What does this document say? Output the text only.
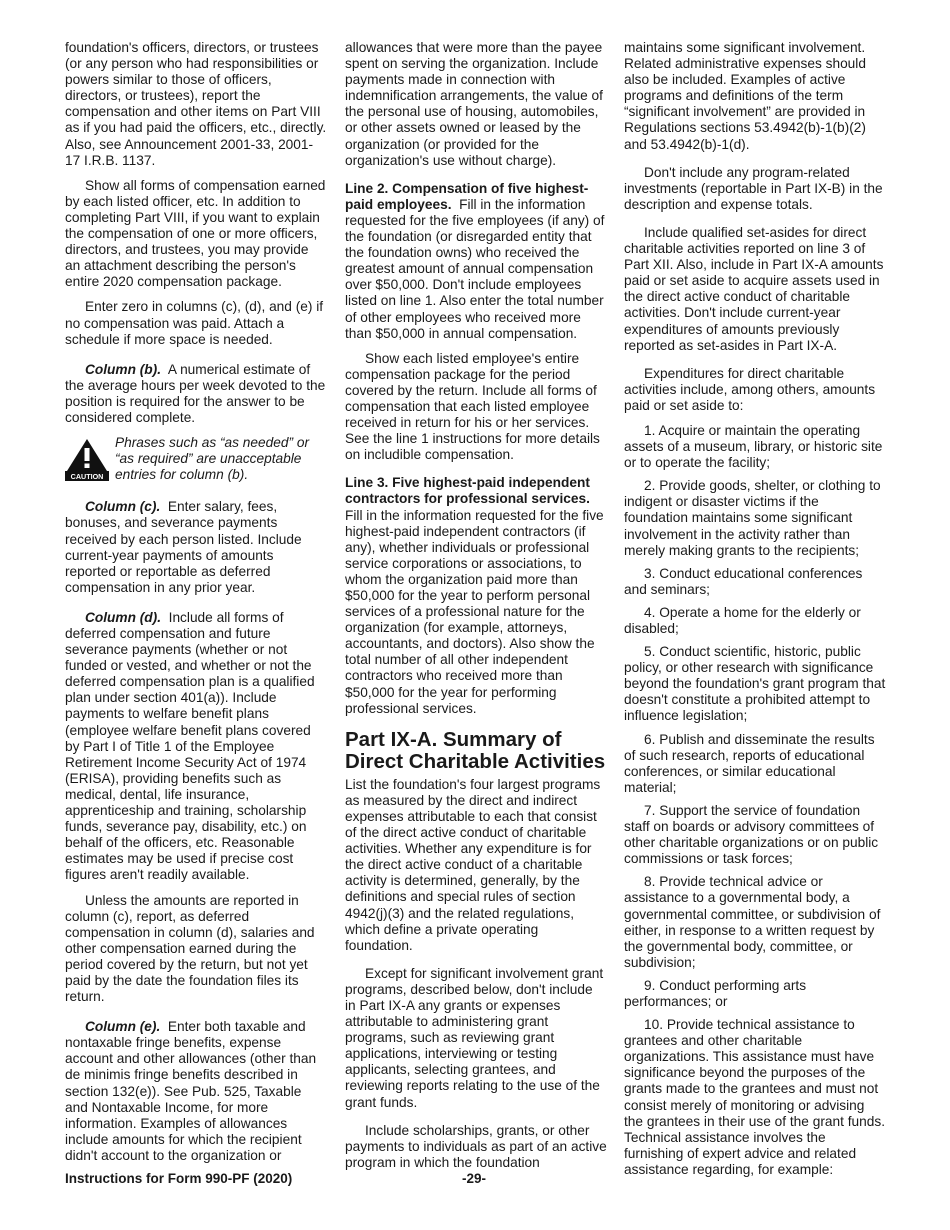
foundation's officers, directors, or trustees (or any person who had responsibilities or powers similar to those of officers, directors, or trustees), report the compensation and other items on Part VIII as if you had paid the officers, etc., directly. Also, see Announcement 2001-33, 2001-17 I.R.B. 1137.

Show all forms of compensation earned by each listed officer, etc. In addition to completing Part VIII, if you want to explain the compensation of one or more officers, directors, and trustees, you may provide an attachment describing the person's entire 2020 compensation package.

Enter zero in columns (c), (d), and (e) if no compensation was paid. Attach a schedule if more space is needed.

Column (b). A numerical estimate of the average hours per week devoted to the position is required for the answer to be considered complete.

CAUTION
Phrases such as “as needed” or “as required” are unacceptable entries for column (b).

Column (c). Enter salary, fees, bonuses, and severance payments received by each person listed. Include current-year payments of amounts reported or reportable as deferred compensation in any prior year.

Column (d). Include all forms of deferred compensation and future severance payments (whether or not funded or vested, and whether or not the deferred compensation plan is a qualified plan under section 401(a)). Include payments to welfare benefit plans (employee welfare benefit plans covered by Part I of Title 1 of the Employee Retirement Income Security Act of 1974 (ERISA), providing benefits such as medical, dental, life insurance, apprenticeship and training, scholarship funds, severance pay, disability, etc.) on behalf of the officers, etc. Reasonable estimates may be used if precise cost figures aren't readily available.

Unless the amounts are reported in column (c), report, as deferred compensation in column (d), salaries and other compensation earned during the period covered by the return, but not yet paid by the date the foundation files its return.

Column (e). Enter both taxable and nontaxable fringe benefits, expense account and other allowances (other than de minimis fringe benefits described in section 132(e)). See Pub. 525, Taxable and Nontaxable Income, for more information. Examples of allowances include amounts for which the recipient didn't account to the organization or

allowances that were more than the payee spent on serving the organization. Include payments made in connection with indemnification arrangements, the value of the personal use of housing, automobiles, or other assets owned or leased by the organization (or provided for the organization's use without charge).

Line 2. Compensation of five highest-paid employees. Fill in the information requested for the five employees (if any) of the foundation (or disregarded entity that the foundation owns) who received the greatest amount of annual compensation over $50,000. Don't include employees listed on line 1. Also enter the total number of other employees who received more than $50,000 in annual compensation.

Show each listed employee's entire compensation package for the period covered by the return. Include all forms of compensation that each listed employee received in return for his or her services. See the line 1 instructions for more details on includible compensation.

Line 3. Five highest-paid independent contractors for professional services. Fill in the information requested for the five highest-paid independent contractors (if any), whether individuals or professional service corporations or associations, to whom the organization paid more than $50,000 for the year to perform personal services of a professional nature for the organization (for example, attorneys, accountants, and doctors). Also show the total number of all other independent contractors who received more than $50,000 for the year for performing professional services.

Part IX-A. Summary of Direct Charitable Activities

List the foundation's four largest programs as measured by the direct and indirect expenses attributable to each that consist of the direct active conduct of charitable activities. Whether any expenditure is for the direct active conduct of a charitable activity is determined, generally, by the definitions and special rules of section 4942(j)(3) and the related regulations, which define a private operating foundation.

Except for significant involvement grant programs, described below, don't include in Part IX-A any grants or expenses attributable to administering grant programs, such as reviewing grant applications, interviewing or testing applicants, selecting grantees, and reviewing reports relating to the use of the grant funds.

Include scholarships, grants, or other payments to individuals as part of an active program in which the foundation

maintains some significant involvement. Related administrative expenses should also be included. Examples of active programs and definitions of the term “significant involvement” are provided in Regulations sections 53.4942(b)-1(b)(2) and 53.4942(b)-1(d).

Don't include any program-related investments (reportable in Part IX-B) in the description and expense totals.

Include qualified set-asides for direct charitable activities reported on line 3 of Part XII. Also, include in Part IX-A amounts paid or set aside to acquire assets used in the direct active conduct of charitable activities. Don't include current-year expenditures of amounts previously reported as set-asides in Part IX-A.

Expenditures for direct charitable activities include, among others, amounts paid or set aside to:

1. Acquire or maintain the operating assets of a museum, library, or historic site or to operate the facility;

2. Provide goods, shelter, or clothing to indigent or disaster victims if the foundation maintains some significant involvement in the activity rather than merely making grants to the recipients;

3. Conduct educational conferences and seminars;

4. Operate a home for the elderly or disabled;

5. Conduct scientific, historic, public policy, or other research with significance beyond the foundation's grant program that doesn't constitute a prohibited attempt to influence legislation;

6. Publish and disseminate the results of such research, reports of educational conferences, or similar educational material;

7. Support the service of foundation staff on boards or advisory committees of other charitable organizations or on public commissions or task forces;

8. Provide technical advice or assistance to a governmental body, a governmental committee, or subdivision of either, in response to a written request by the governmental body, committee, or subdivision;

9. Conduct performing arts performances; or

10. Provide technical assistance to grantees and other charitable organizations. This assistance must have significance beyond the purposes of the grants made to the grantees and must not consist merely of monitoring or advising the grantees in their use of the grant funds. Technical assistance involves the furnishing of expert advice and related assistance regarding, for example:

Instructions for Form 990-PF (2020)	-29-
